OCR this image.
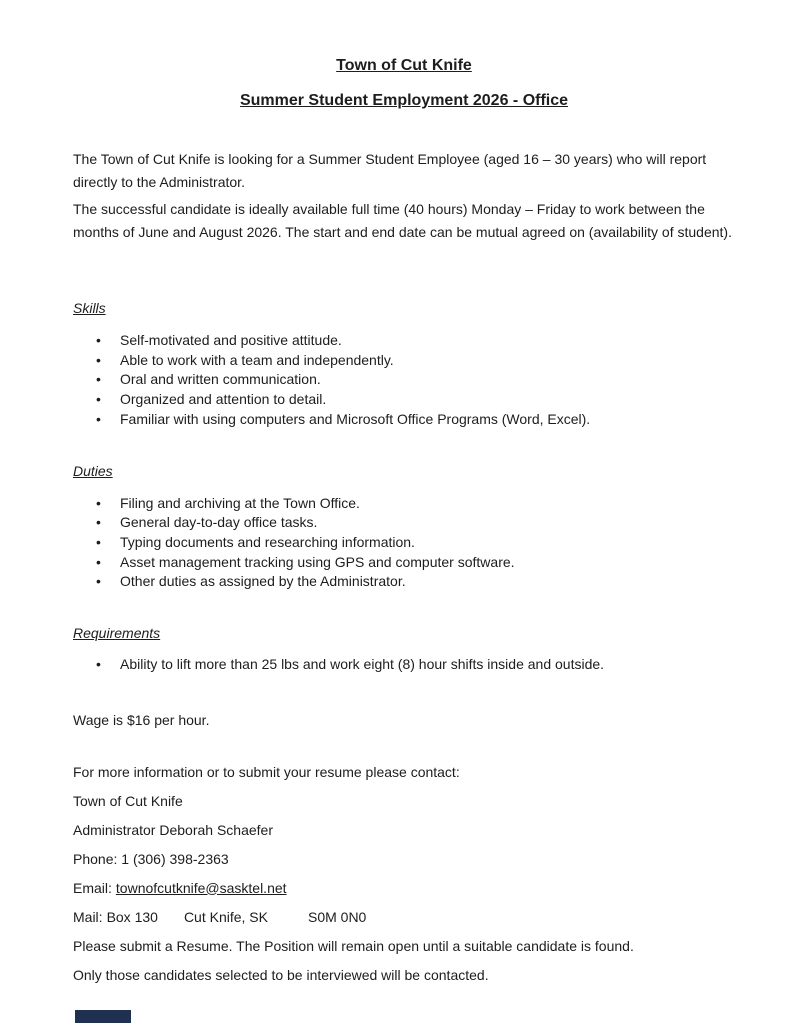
Town of Cut Knife
Summer Student Employment 2026 - Office

The Town of Cut Knife is looking for a Summer Student Employee (aged 16 – 30 years) who will report directly to the Administrator.

The successful candidate is ideally available full time (40 hours) Monday – Friday to work between the months of June and August 2026. The start and end date can be mutual agreed on (availability of student).

Skills
• Self-motivated and positive attitude.
• Able to work with a team and independently.
• Oral and written communication.
• Organized and attention to detail.
• Familiar with using computers and Microsoft Office Programs (Word, Excel).
Duties
• Filing and archiving at the Town Office.
• General day-to-day office tasks.
• Typing documents and researching information.
• Asset management tracking using GPS and computer software.
• Other duties as assigned by the Administrator.
Requirements
• Ability to lift more than 25 lbs and work eight (8) hour shifts inside and outside.

Wage is $16 per hour.

For more information or to submit your resume please contact:

Town of Cut Knife

Administrator Deborah Schaefer

Phone: 1 (306) 398-2363

Email: townofcutknife@sasktel.net

Mail: Box 130 Cut Knife, SK	S0M 0N0

Please submit a Resume. The Position will remain open until a suitable candidate is found.

Only those candidates selected to be interviewed will be contacted.
